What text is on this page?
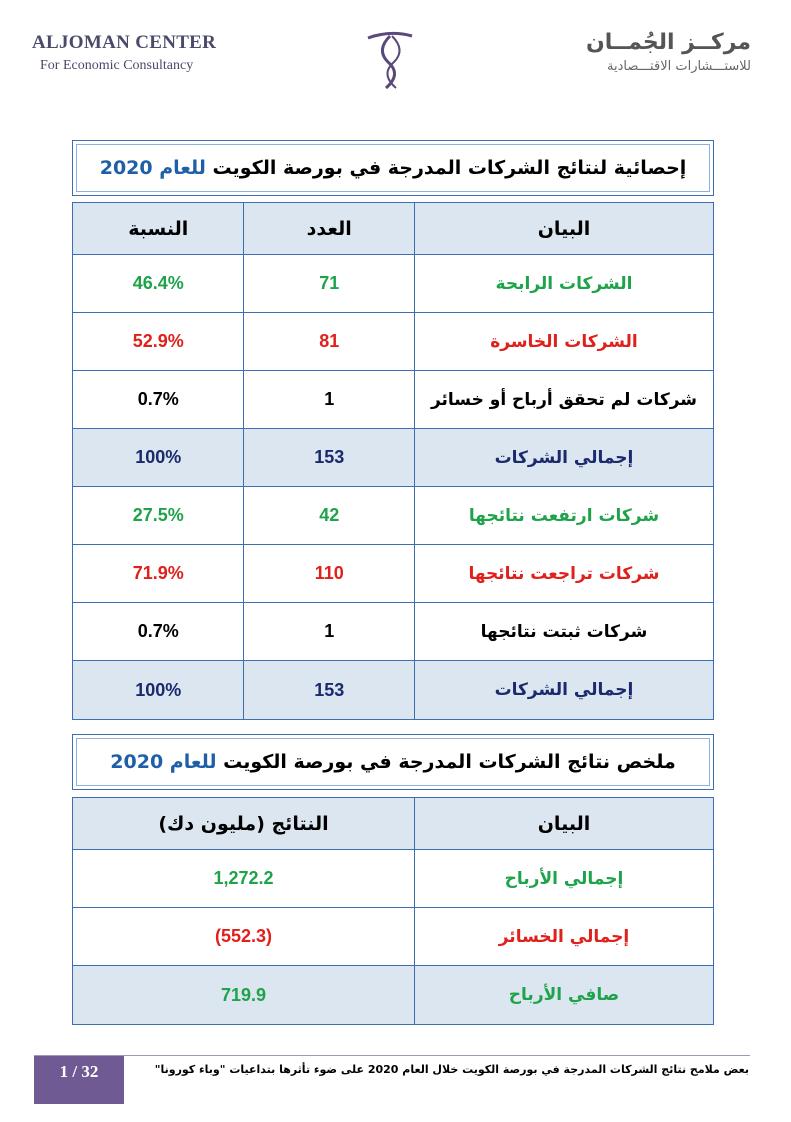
ALJOMAN CENTER
For Economic Consultancy
مركــز الجُمــان
للاستـــشارات الاقتـــصادية
إحصائية لنتائج الشركات المدرجة في بورصة الكويت للعام 2020
البيان
العدد
النسبة
الشركات الرابحة
71
46.4%
الشركات الخاسرة
81
52.9%
شركات لم تحقق أرباح أو خسائر
1
0.7%
إجمالي الشركات
153
100%
شركات ارتفعت نتائجها
42
27.5%
شركات تراجعت نتائجها
110
71.9%
شركات ثبتت نتائجها
1
0.7%
إجمالي الشركات
153
100%
ملخص نتائج الشركات المدرجة في بورصة الكويت للعام 2020
البيان
النتائج (مليون دك)
إجمالي الأرباح
1,272.2
إجمالي الخسائر
(552.3)
صافي الأرباح
719.9
1 / 32	بعض ملامح نتائج الشركات المدرجة في بورصة الكويت خلال العام 2020 على ضوء تأثرها بتداعيات "وباء كورونا"
